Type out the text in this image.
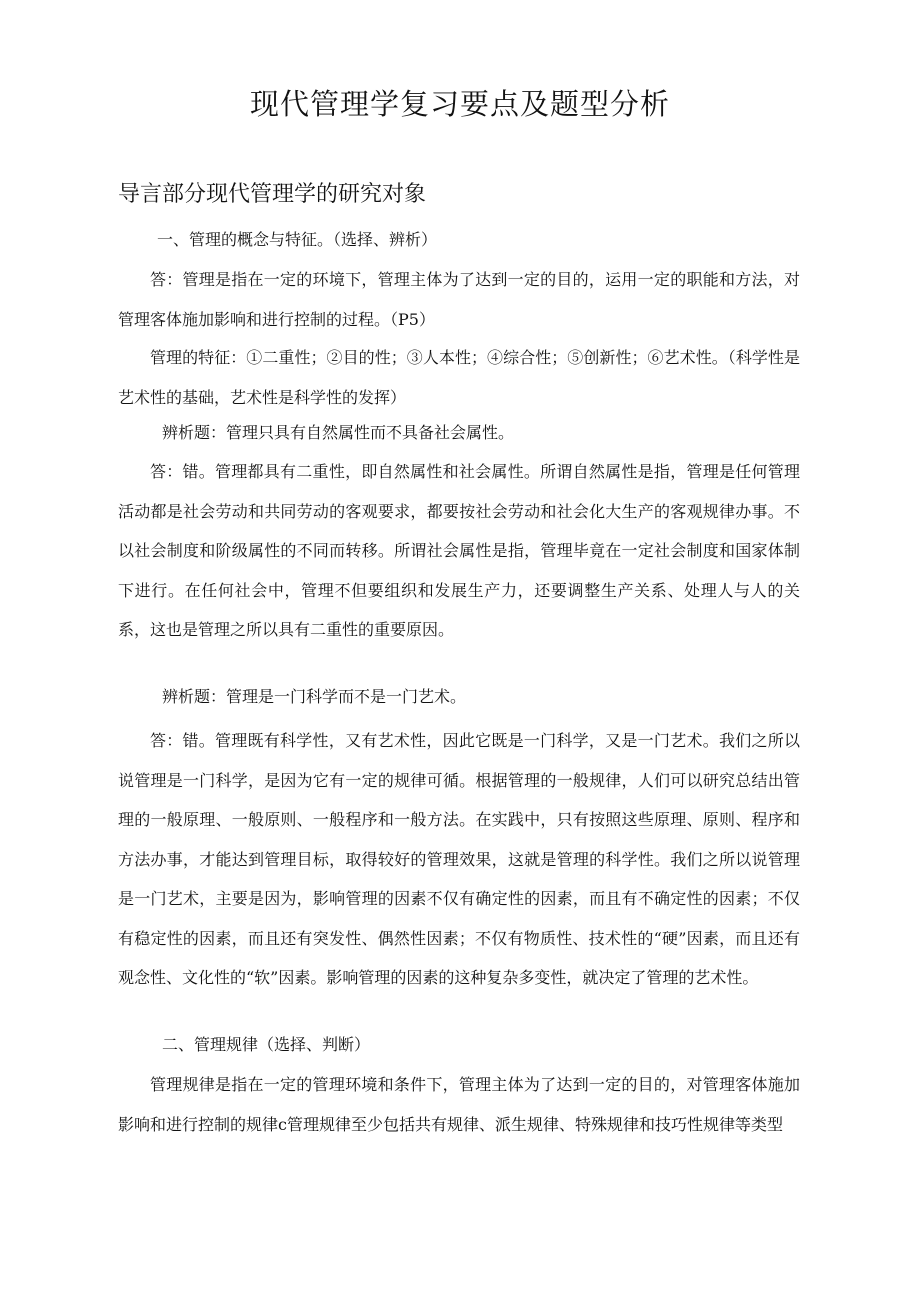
现代管理学复习要点及题型分析
导言部分现代管理学的研究对象
一、管理的概念与特征。（选择、辨析）
答：管理是指在一定的环境下，管理主体为了达到一定的目的，运用一定的职能和方法，对管理客体施加影响和进行控制的过程。（P5）
管理的特征：①二重性；②目的性；③人本性；④综合性；⑤创新性；⑥艺术性。（科学性是艺术性的基础，艺术性是科学性的发挥）
辨析题：管理只具有自然属性而不具备社会属性。
答：错。管理都具有二重性，即自然属性和社会属性。所谓自然属性是指，管理是任何管理活动都是社会劳动和共同劳动的客观要求，都要按社会劳动和社会化大生产的客观规律办事。不以社会制度和阶级属性的不同而转移。所谓社会属性是指，管理毕竟在一定社会制度和国家体制下进行。在任何社会中，管理不但要组织和发展生产力，还要调整生产关系、处理人与人的关系，这也是管理之所以具有二重性的重要原因。
辨析题：管理是一门科学而不是一门艺术。
答：错。管理既有科学性，又有艺术性，因此它既是一门科学，又是一门艺术。我们之所以说管理是一门科学，是因为它有一定的规律可循。根据管理的一般规律，人们可以研究总结出管理的一般原理、一般原则、一般程序和一般方法。在实践中，只有按照这些原理、原则、程序和方法办事，才能达到管理目标，取得较好的管理效果，这就是管理的科学性。我们之所以说管理是一门艺术，主要是因为，影响管理的因素不仅有确定性的因素，而且有不确定性的因素；不仅有稳定性的因素，而且还有突发性、偶然性因素；不仅有物质性、技术性的“硬”因素，而且还有观念性、文化性的“软”因素。影响管理的因素的这种复杂多变性，就决定了管理的艺术性。
二、管理规律（选择、判断）
管理规律是指在一定的管理环境和条件下，管理主体为了达到一定的目的，对管理客体施加影响和进行控制的规律c管理规律至少包括共有规律、派生规律、特殊规律和技巧性规律等类型
